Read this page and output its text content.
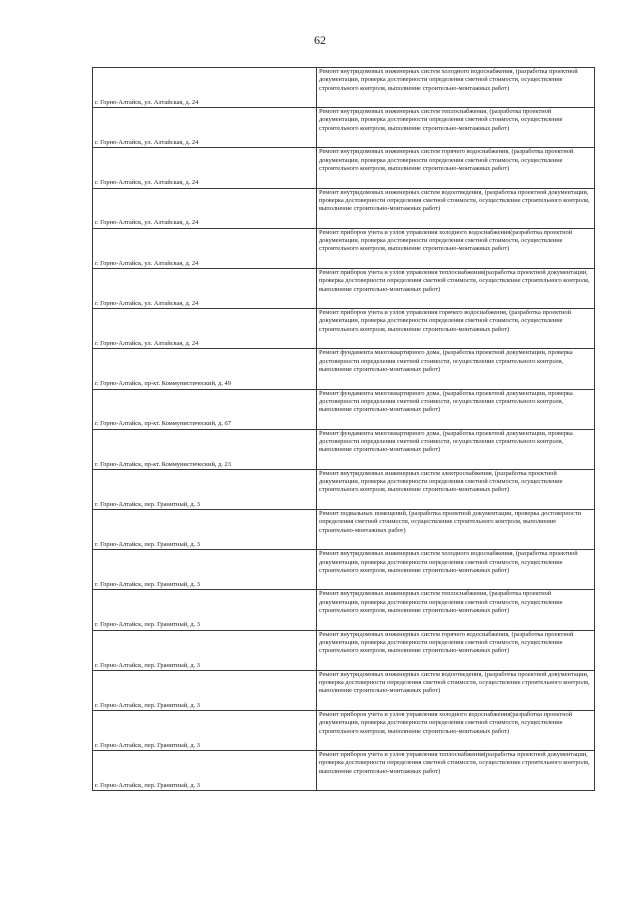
62
г. Горно-Алтайск, ул. Алтайская, д. 24	Ремонт внутридомовых инженерных систем холодного водоснабжения, (разработка проектной документации, проверка достоверности определения сметной стоимости, осуществление строительного контроля, выполнение строительно-монтажных работ)
г. Горно-Алтайск, ул. Алтайская, д. 24	Ремонт внутридомовых инженерных систем теплоснабжения, (разработка проектной документации, проверка достоверности определения сметной стоимости, осуществление строительного контроля, выполнение строительно-монтажных работ)
г. Горно-Алтайск, ул. Алтайская, д. 24	Ремонт внутридомовых инженерных систем горячего водоснабжения, (разработка проектной документации, проверка достоверности определения сметной стоимости, осуществление строительного контроля, выполнение строительно-монтажных работ)
г. Горно-Алтайск, ул. Алтайская, д. 24	Ремонт внутридомовых инженерных систем водоотведения, (разработка проектной документации, проверка достоверности определения сметной стоимости, осуществление строительного контроля, выполнение строительно-монтажных работ)
г. Горно-Алтайск, ул. Алтайская, д. 24	Ремонт приборов учета и узлов управления холодного водоснабжения(разработка проектной документации, проверка достоверности определения сметной стоимости, осуществление строительного контроля, выполнение строительно-монтажных работ)
г. Горно-Алтайск, ул. Алтайская, д. 24	Ремонт приборов учета и узлов управления теплоснабжения(разработка проектной документации, проверка достоверности определения сметной стоимости, осуществление строительного контроля, выполнение строительно-монтажных работ)
г. Горно-Алтайск, ул. Алтайская, д. 24	Ремонт приборов учета и узлов управления горячего водоснабжения, (разработка проектной документации, проверка достоверности определения сметной стоимости, осуществление строительного контроля, выполнение строительно-монтажных работ)
г. Горно-Алтайск, пр-кт. Коммунистический, д. 49	Ремонт фундамента многоквартирного дома, (разработка проектной документации, проверка достоверности определения сметной стоимости, осуществление строительного контроля, выполнение строительно-монтажных работ)
г. Горно-Алтайск, пр-кт. Коммунистический, д. 67	Ремонт фундамента многоквартирного дома, (разработка проектной документации, проверка достоверности определения сметной стоимости, осуществление строительного контроля, выполнение строительно-монтажных работ)
г. Горно-Алтайск, пр-кт. Коммунистический, д. 23	Ремонт фундамента многоквартирного дома, (разработка проектной документации, проверка достоверности определения сметной стоимости, осуществление строительного контроля, выполнение строительно-монтажных работ)
г. Горно-Алтайск, пер. Гранитный, д. 3	Ремонт внутридомовых инженерных систем электроснабжения, (разработка проектной документации, проверка достоверности определения сметной стоимости, осуществление строительного контроля, выполнение строительно-монтажных работ)
г. Горно-Алтайск, пер. Гранитный, д. 3	Ремонт подвальных помещений, (разработка проектной документации, проверка достоверности определения сметной стоимости, осуществление строительного контроля, выполнение строительно-монтажных работ)
г. Горно-Алтайск, пер. Гранитный, д. 3	Ремонт внутридомовых инженерных систем холодного водоснабжения, (разработка проектной документации, проверка достоверности определения сметной стоимости, осуществление строительного контроля, выполнение строительно-монтажных работ)
г. Горно-Алтайск, пер. Гранитный, д. 3	Ремонт внутридомовых инженерных систем теплоснабжения, (разработка проектной документации, проверка достоверности определения сметной стоимости, осуществление строительного контроля, выполнение строительно-монтажных работ)
г. Горно-Алтайск, пер. Гранитный, д. 3	Ремонт внутридомовых инженерных систем горячего водоснабжения, (разработка проектной документации, проверка достоверности определения сметной стоимости, осуществление строительного контроля, выполнение строительно-монтажных работ)
г. Горно-Алтайск, пер. Гранитный, д. 3	Ремонт внутридомовых инженерных систем водоотведения, (разработка проектной документации, проверка достоверности определения сметной стоимости, осуществление строительного контроля, выполнение строительно-монтажных работ)
г. Горно-Алтайск, пер. Гранитный, д. 3	Ремонт приборов учета и узлов управления холодного водоснабжения(разработка проектной документации, проверка достоверности определения сметной стоимости, осуществление строительного контроля, выполнение строительно-монтажных работ)
г. Горно-Алтайск, пер. Гранитный, д. 3	Ремонт приборов учета и узлов управления теплоснабжения(разработка проектной документации, проверка достоверности определения сметной стоимости, осуществление строительного контроля, выполнение строительно-монтажных работ)
